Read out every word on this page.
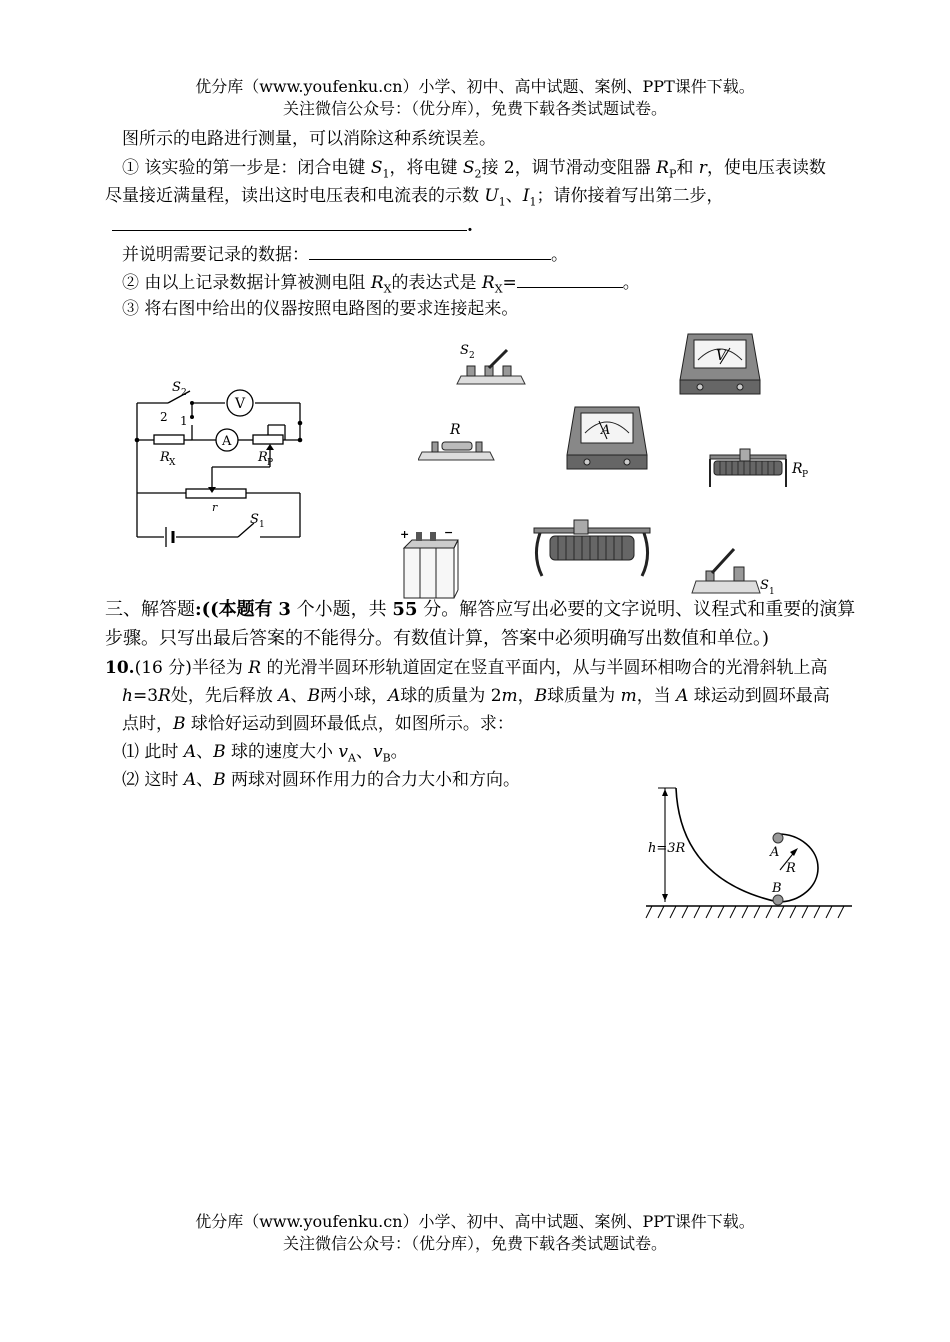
优分库（www.youfenku.cn）小学、初中、高中试题、案例、PPT课件下载。
关注微信公众号：（优分库），免费下载各类试题试卷。
图所示的电路进行测量，可以消除这种系统误差。
① 该实验的第一步是：闭合电键 $S_1$，将电键 $S_2$接 2，调节滑动变阻器 $R_P$和 r，使电压表读数
尽量接近满量程，读出这时电压表和电流表的示数 $U_1$、$I_1$；请你接着写出第二步，
.
并说明需要记录的数据：	。
② 由以上记录数据计算被测电阻 $R_X$的表达式是 $R_X=$	。
③ 将右图中给出的仪器按照电路图的要求连接起来。
S 2
2 1
V
A
R X	R P
r
S 1
S 2	V
R	A
R P
+	−
S 1
三、解答题:((本题有 3 个小题，共 55 分。解答应写出必要的文字说明、议程式和重要的演算
步骤。只写出最后答案的不能得分。有数值计算，答案中必须明确写出数值和单位。)
10.(16 分)半径为 R 的光滑半圆环形轨道固定在竖直平面内，从与半圆环相吻合的光滑斜轨上高
h=3R处，先后释放 A、B两小球，A球的质量为 2m，B球质量为 m，当 A 球运动到圆环最高
点时，B 球恰好运动到圆环最低点，如图所示。求：
⑴ 此时 A、B 球的速度大小 $v_A$、$v_B$。
⑵ 这时 A、B 两球对圆环作用力的合力大小和方向。
h=3R	A
B
R
优分库（www.youfenku.cn）小学、初中、高中试题、案例、PPT课件下载。
关注微信公众号：（优分库），免费下载各类试题试卷。
